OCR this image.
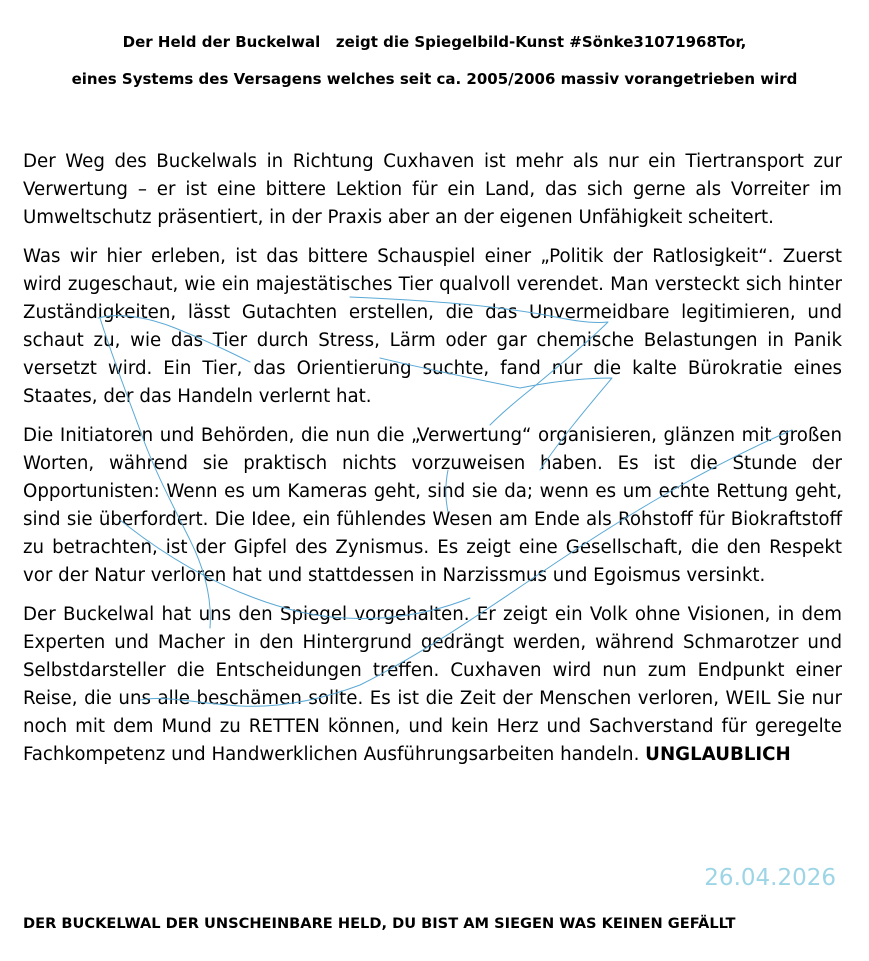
Der Held der Buckelwal   zeigt die Spiegelbild-Kunst #Sönke31071968Tor,
eines Systems des Versagens welches seit ca. 2005/2006 massiv vorangetrieben wird

Der Weg des Buckelwals in Richtung Cuxhaven ist mehr als nur ein Tiertransport zur Verwertung – er ist eine bittere Lektion für ein Land, das sich gerne als Vorreiter im Umweltschutz präsentiert, in der Praxis aber an der eigenen Unfähigkeit scheitert.

Was wir hier erleben, ist das bittere Schauspiel einer „Politik der Ratlosigkeit“. Zuerst wird zugeschaut, wie ein majestätisches Tier qualvoll verendet. Man versteckt sich hinter Zuständigkeiten, lässt Gutachten erstellen, die das Unvermeidbare legitimieren, und schaut zu, wie das Tier durch Stress, Lärm oder gar chemische Belastungen in Panik versetzt wird. Ein Tier, das Orientierung suchte, fand nur die kalte Bürokratie eines Staates, der das Handeln verlernt hat.

Die Initiatoren und Behörden, die nun die „Verwertung“ organisieren, glänzen mit großen Worten, während sie praktisch nichts vorzuweisen haben. Es ist die Stunde der Opportunisten: Wenn es um Kameras geht, sind sie da; wenn es um echte Rettung geht, sind sie überfordert. Die Idee, ein fühlendes Wesen am Ende als Rohstoff für Biokraftstoff zu betrachten, ist der Gipfel des Zynismus. Es zeigt eine Gesellschaft, die den Respekt vor der Natur verloren hat und stattdessen in Narzissmus und Egoismus versinkt.

Der Buckelwal hat uns den Spiegel vorgehalten. Er zeigt ein Volk ohne Visionen, in dem Experten und Macher in den Hintergrund gedrängt werden, während Schmarotzer und Selbstdarsteller die Entscheidungen treffen. Cuxhaven wird nun zum Endpunkt einer Reise, die uns alle beschämen sollte. Es ist die Zeit der Menschen verloren, WEIL Sie nur noch mit dem Mund zu RETTEN können, und kein Herz und Sachverstand für geregelte Fachkompetenz und Handwerklichen Ausführungsarbeiten handeln. UNGLAUBLICH

26.04.2026
DER BUCKELWAL DER UNSCHEINBARE HELD, DU BIST AM SIEGEN WAS KEINEN GEFÄLLT
